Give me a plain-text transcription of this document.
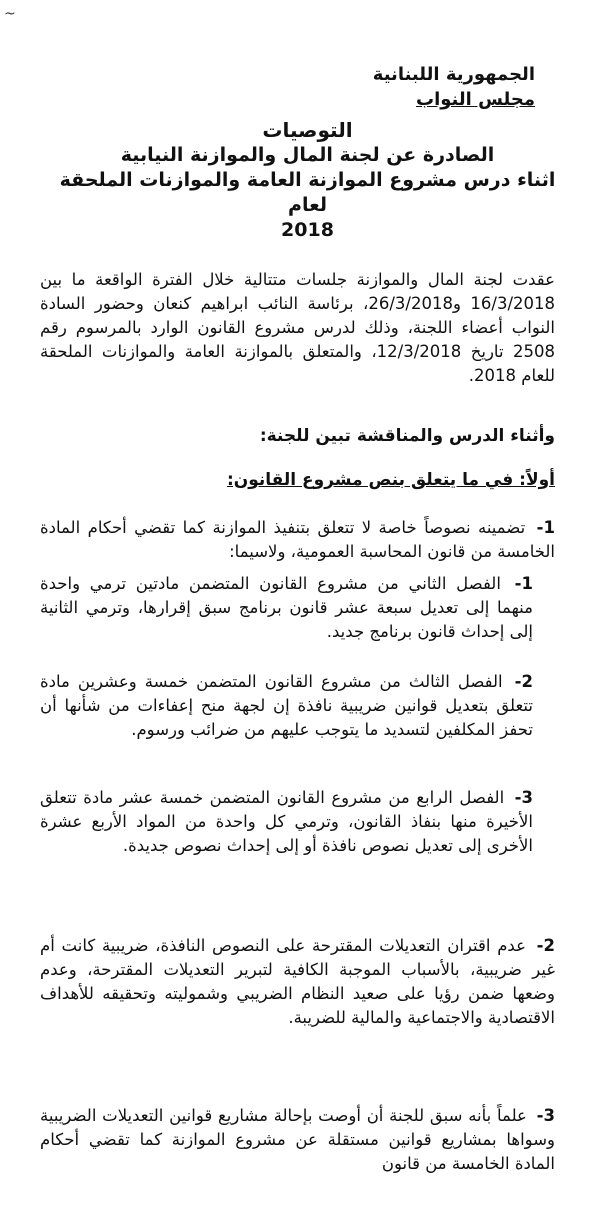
~
الجمهورية اللبنانية
مجلس النواب
التوصيات
الصادرة عن لجنة المال والموازنة النيابية
اثناء درس مشروع الموازنة العامة والموازنات الملحقة لعام
2018
عقدت لجنة المال والموازنة جلسات متتالية خلال الفترة الواقعة ما بين 16/3/2018 و26/3/2018، برئاسة النائب ابراهيم كنعان وحضور السادة النواب أعضاء اللجنة، وذلك لدرس مشروع القانون الوارد بالمرسوم رقم 2508 تاريخ 12/3/2018، والمتعلق بالموازنة العامة والموازنات الملحقة للعام 2018.
وأثناء الدرس والمناقشة تبين للجنة:
أولاً: في ما يتعلق بنص مشروع القانون:
1- تضمينه نصوصاً خاصة لا تتعلق بتنفيذ الموازنة كما تقضي أحكام المادة الخامسة من قانون المحاسبة العمومية، ولاسيما:
1- الفصل الثاني من مشروع القانون المتضمن مادتين ترمي واحدة منهما إلى تعديل سبعة عشر قانون برنامج سبق إقرارها، وترمي الثانية إلى إحداث قانون برنامج جديد.
2- الفصل الثالث من مشروع القانون المتضمن خمسة وعشرين مادة تتعلق بتعديل قوانين ضريبية نافذة إن لجهة منح إعفاءات من شأنها أن تحفز المكلفين لتسديد ما يتوجب عليهم من ضرائب ورسوم.
3- الفصل الرابع من مشروع القانون المتضمن خمسة عشر مادة تتعلق الأخيرة منها بنفاذ القانون، وترمي كل واحدة من المواد الأربع عشرة الأخرى إلى تعديل نصوص نافذة أو إلى إحداث نصوص جديدة.
2- عدم اقتران التعديلات المقترحة على النصوص النافذة، ضريبية كانت أم غير ضريبية، بالأسباب الموجبة الكافية لتبرير التعديلات المقترحة، وعدم وضعها ضمن رؤيا على صعيد النظام الضريبي وشموليته وتحقيقه للأهداف الاقتصادية والاجتماعية والمالية للضريبة.
3- علماً بأنه سبق للجنة أن أوصت بإحالة مشاريع قوانين التعديلات الضريبية وسواها بمشاريع قوانين مستقلة عن مشروع الموازنة كما تقضي أحكام المادة الخامسة من قانون
